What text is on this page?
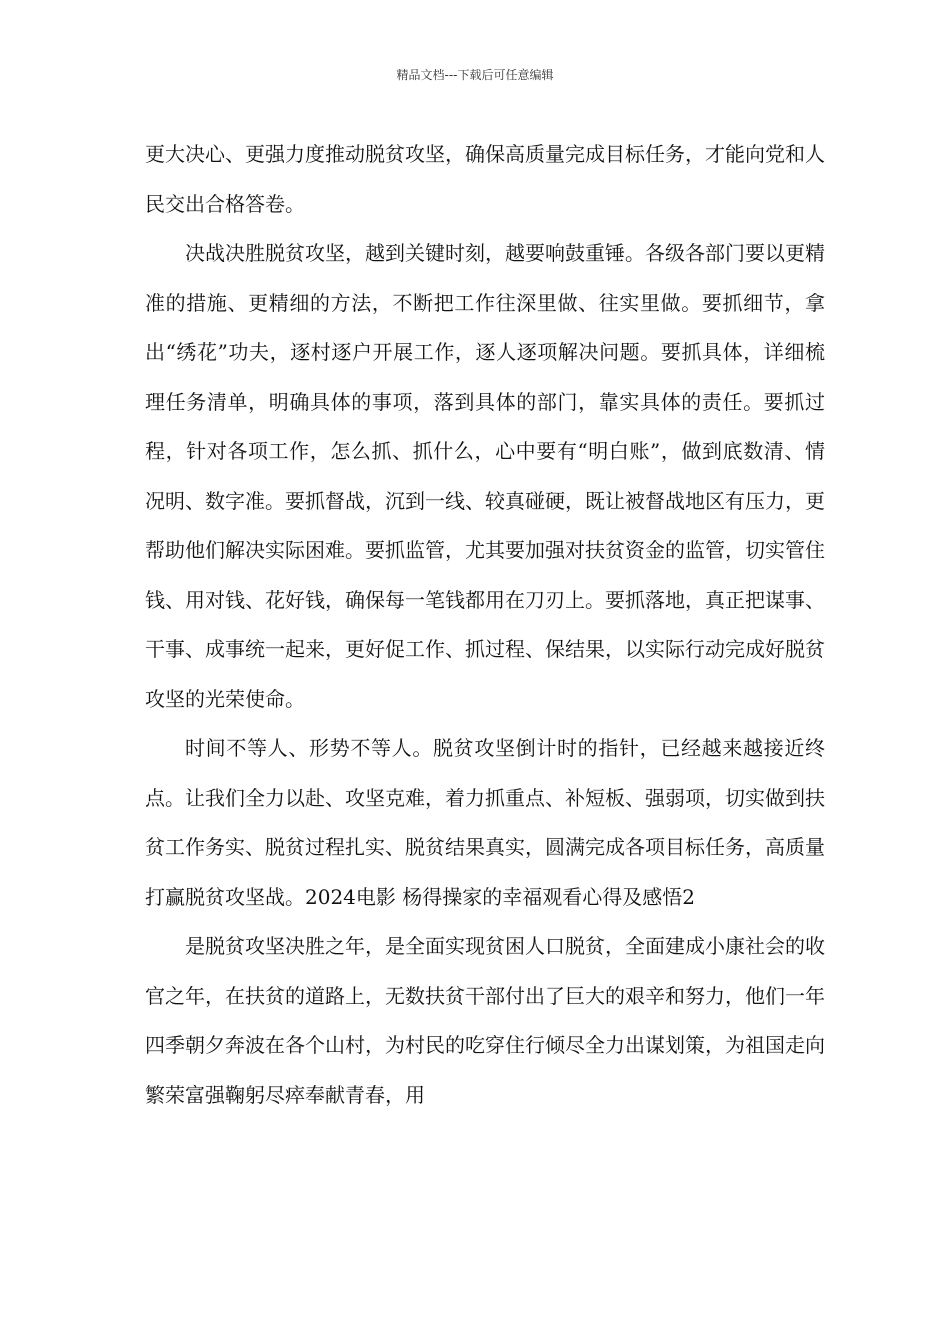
精品文档---下载后可任意编辑

更大决心、更强力度推动脱贫攻坚，确保高质量完成目标任务，才能向党和人民交出合格答卷。

决战决胜脱贫攻坚，越到关键时刻，越要响鼓重锤。各级各部门要以更精准的措施、更精细的方法，不断把工作往深里做、往实里做。要抓细节，拿出“绣花”功夫，逐村逐户开展工作，逐人逐项解决问题。要抓具体，详细梳理任务清单，明确具体的事项，落到具体的部门，靠实具体的责任。要抓过程，针对各项工作，怎么抓、抓什么，心中要有“明白账”，做到底数清、情况明、数字准。要抓督战，沉到一线、较真碰硬，既让被督战地区有压力，更帮助他们解决实际困难。要抓监管，尤其要加强对扶贫资金的监管，切实管住钱、用对钱、花好钱，确保每一笔钱都用在刀刃上。要抓落地，真正把谋事、干事、成事统一起来，更好促工作、抓过程、保结果，以实际行动完成好脱贫攻坚的光荣使命。

时间不等人、形势不等人。脱贫攻坚倒计时的指针，已经越来越接近终点。让我们全力以赴、攻坚克难，着力抓重点、补短板、强弱项，切实做到扶贫工作务实、脱贫过程扎实、脱贫结果真实，圆满完成各项目标任务，高质量打赢脱贫攻坚战。2024电影 杨得操家的幸福观看心得及感悟2

是脱贫攻坚决胜之年，是全面实现贫困人口脱贫，全面建成小康社会的收官之年，在扶贫的道路上，无数扶贫干部付出了巨大的艰辛和努力，他们一年四季朝夕奔波在各个山村，为村民的吃穿住行倾尽全力出谋划策，为祖国走向繁荣富强鞠躬尽瘁奉献青春，用
